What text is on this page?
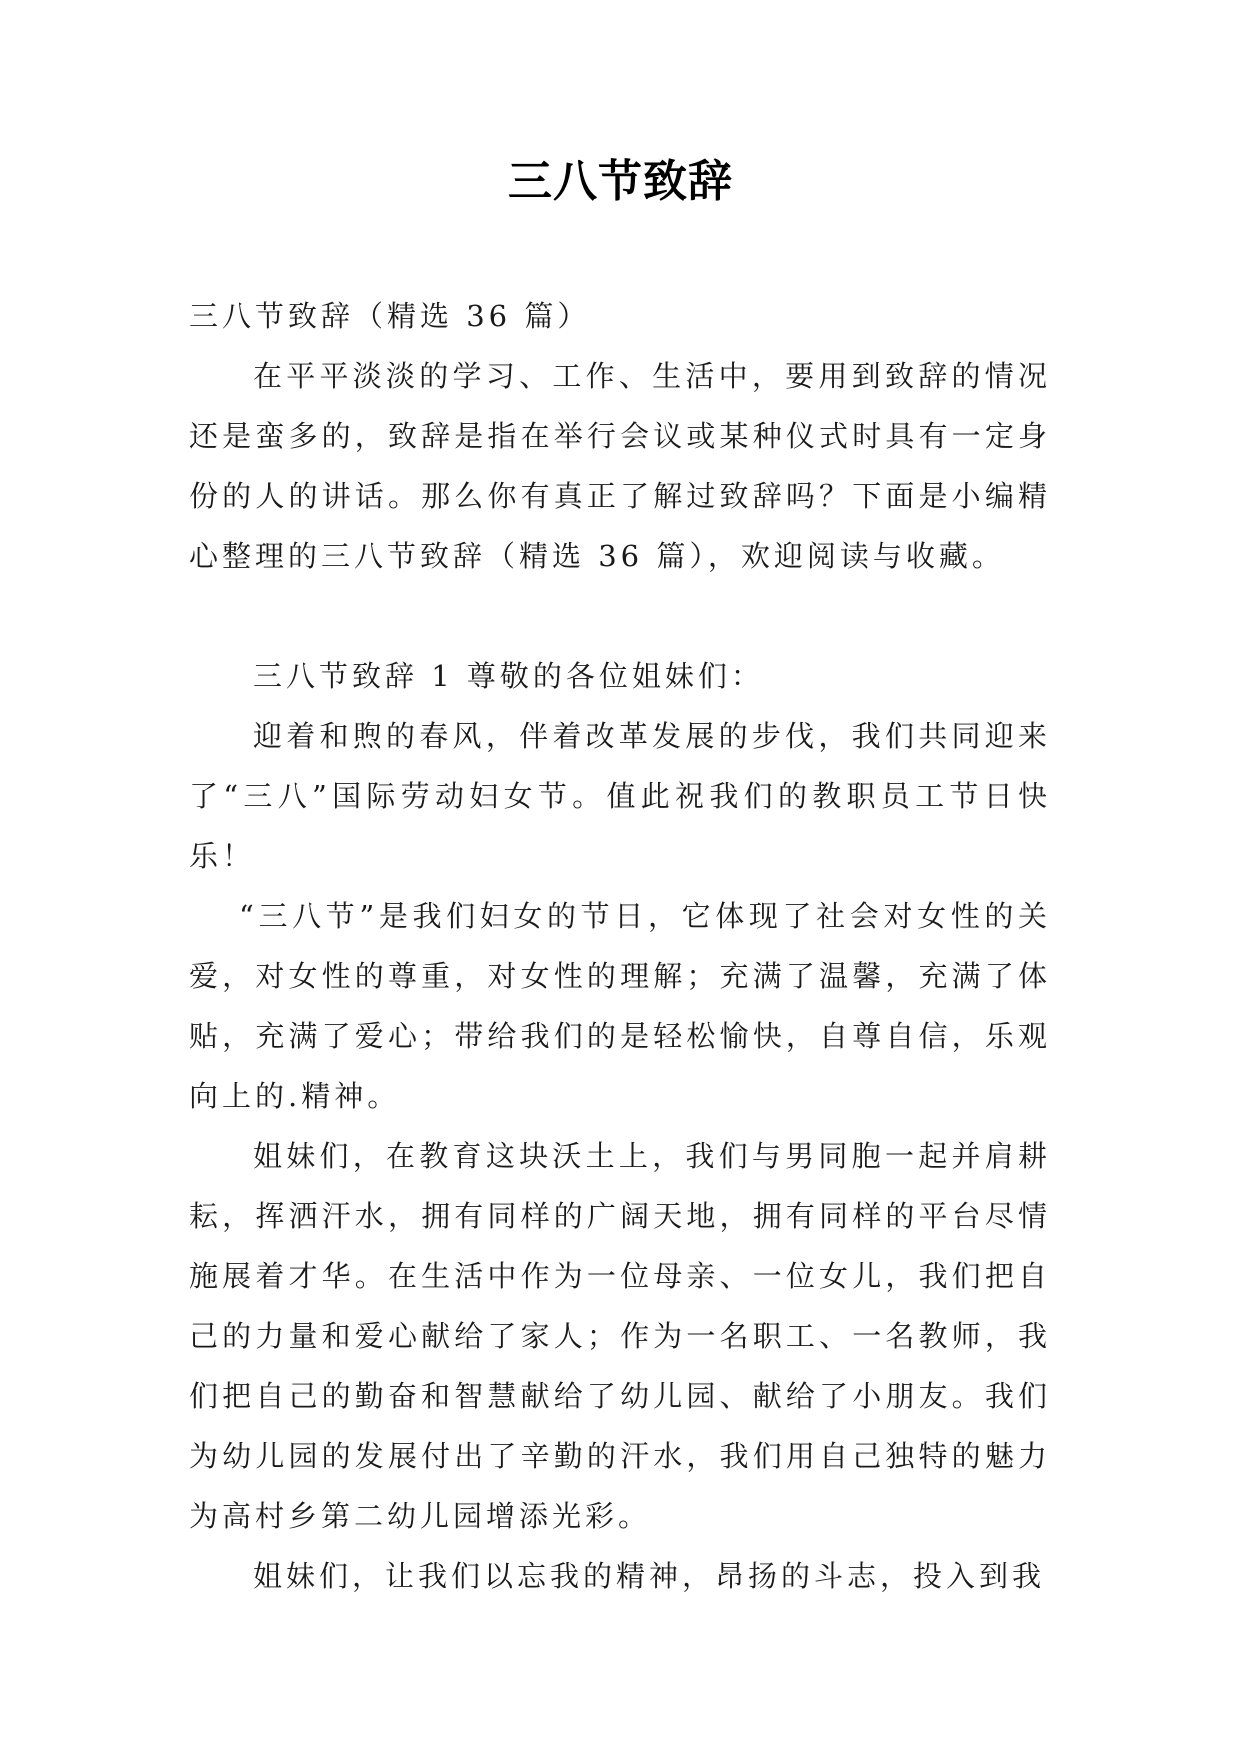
三八节致辞

三八节致辞（精选 36 篇）

在平平淡淡的学习、工作、生活中，要用到致辞的情况还是蛮多的，致辞是指在举行会议或某种仪式时具有一定身份的人的讲话。那么你有真正了解过致辞吗？下面是小编精心整理的三八节致辞（精选 36 篇），欢迎阅读与收藏。

三八节致辞 1 尊敬的各位姐妹们：

迎着和煦的春风，伴着改革发展的步伐，我们共同迎来了“三八”国际劳动妇女节。值此祝我们的教职员工节日快乐！

“三八节”是我们妇女的节日，它体现了社会对女性的关爱，对女性的尊重，对女性的理解；充满了温馨，充满了体贴，充满了爱心；带给我们的是轻松愉快，自尊自信，乐观向上的.精神。

姐妹们，在教育这块沃土上，我们与男同胞一起并肩耕耘，挥洒汗水，拥有同样的广阔天地，拥有同样的平台尽情施展着才华。在生活中作为一位母亲、一位女儿，我们把自己的力量和爱心献给了家人；作为一名职工、一名教师，我们把自己的勤奋和智慧献给了幼儿园、献给了小朋友。我们为幼儿园的发展付出了辛勤的汗水，我们用自己独特的魅力为高村乡第二幼儿园增添光彩。

姐妹们，让我们以忘我的精神，昂扬的斗志，投入到我
